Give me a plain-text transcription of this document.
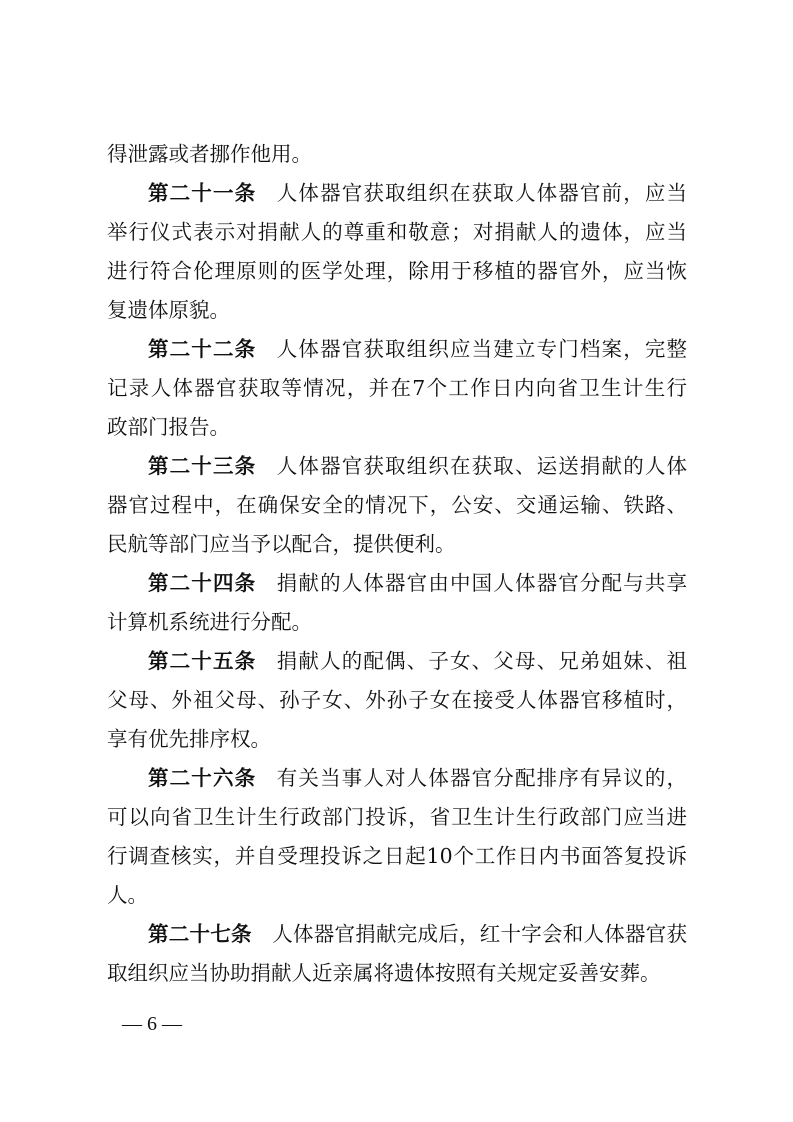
得泄露或者挪作他用。
第二十一条 人体器官获取组织在获取人体器官前，应当
举行仪式表示对捐献人的尊重和敬意；对捐献人的遗体，应当
进行符合伦理原则的医学处理，除用于移植的器官外，应当恢
复遗体原貌。
第二十二条 人体器官获取组织应当建立专门档案，完整
记录人体器官获取等情况，并在7个工作日内向省卫生计生行
政部门报告。
第二十三条 人体器官获取组织在获取、运送捐献的人体
器官过程中，在确保安全的情况下，公安、交通运输、铁路、
民航等部门应当予以配合，提供便利。
第二十四条 捐献的人体器官由中国人体器官分配与共享
计算机系统进行分配。
第二十五条 捐献人的配偶、子女、父母、兄弟姐妹、祖
父母、外祖父母、孙子女、外孙子女在接受人体器官移植时，
享有优先排序权。
第二十六条 有关当事人对人体器官分配排序有异议的，
可以向省卫生计生行政部门投诉，省卫生计生行政部门应当进
行调查核实，并自受理投诉之日起10个工作日内书面答复投诉
人。
第二十七条 人体器官捐献完成后，红十字会和人体器官获
取组织应当协助捐献人近亲属将遗体按照有关规定妥善安葬。
— 6 —
